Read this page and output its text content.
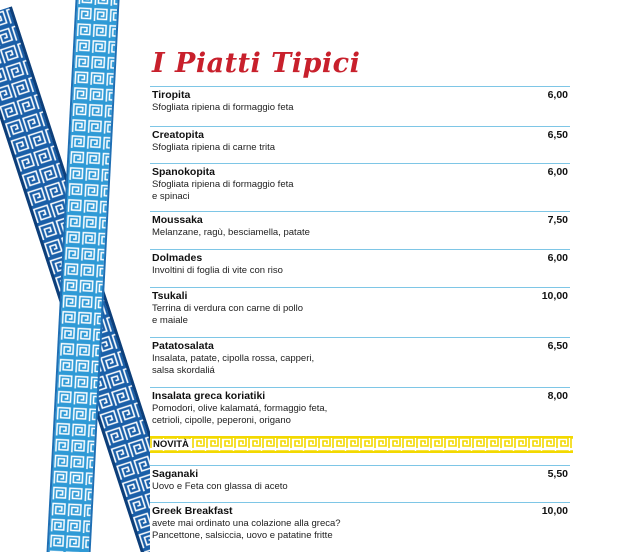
I Piatti Tipici
Tiropita	6,00
Sfogliata ripiena di formaggio feta
Creatopita	6,50
Sfogliata ripiena di carne trita
Spanokopita	6,00
Sfogliata ripiena di formaggio feta
e spinaci
Moussaka	7,50
Melanzane, ragù, besciamella, patate
Dolmades	6,00
Involtini di foglia di vite con riso
Tsukali	10,00
Terrina di verdura con carne di pollo
e maiale
Patatosalata	6,50
Insalata, patate, cipolla rossa, capperi,
salsa skordaliá
Insalata greca koriatiki	8,00
Pomodori, olive kalamatá, formaggio feta,
cetrioli, cipolle, peperoni, origano
Saganaki	5,50
Uovo e Feta con glassa di aceto
Greek Breakfast	10,00
avete mai ordinato una colazione alla greca?
Pancettone, salsiccia, uovo e patatine fritte
NOVITÀ
